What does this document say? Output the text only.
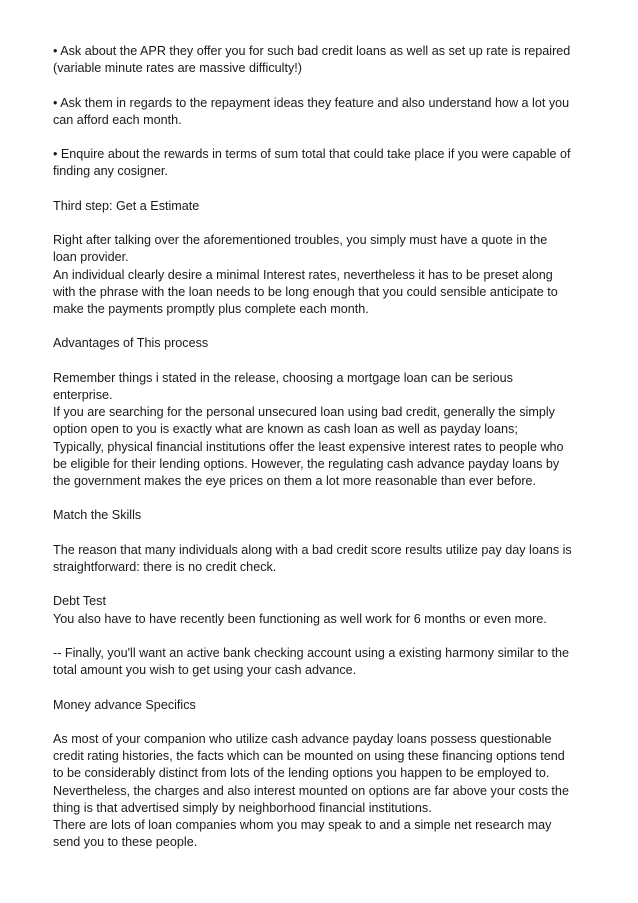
• Ask about the APR they offer you for such bad credit loans as well as set up rate is repaired
(variable minute rates are massive difficulty!)
• Ask them in regards to the repayment ideas they feature and also understand how a lot you
can afford each month.
• Enquire about the rewards in terms of sum total that could take place if you were capable of
finding any cosigner.
Third step: Get a Estimate
Right after talking over the aforementioned troubles, you simply must have a quote in the
loan provider.
An individual clearly desire a minimal Interest rates, nevertheless it has to be preset along
with the phrase with the loan needs to be long enough that you could sensible anticipate to
make the payments promptly plus complete each month.
Advantages of This process
Remember things i stated in the release, choosing a mortgage loan can be serious
enterprise.
If you are searching for the personal unsecured loan using bad credit, generally the simply
option open to you is exactly what are known as cash loan as well as payday loans;
Typically, physical financial institutions offer the least expensive interest rates to people who
be eligible for their lending options. However, the regulating cash advance payday loans by
the government makes the eye prices on them a lot more reasonable than ever before.
Match the Skills
The reason that many individuals along with a bad credit score results utilize pay day loans is
straightforward: there is no credit check.
Debt Test
You also have to have recently been functioning as well work for 6 months or even more.
-- Finally, you'll want an active bank checking account using a existing harmony similar to the
total amount you wish to get using your cash advance.
Money advance Specifics
As most of your companion who utilize cash advance payday loans possess questionable
credit rating histories, the facts which can be mounted on using these financing options tend
to be considerably distinct from lots of the lending options you happen to be employed to.
Nevertheless, the charges and also interest mounted on options are far above your costs the
thing is that advertised simply by neighborhood financial institutions.
There are lots of loan companies whom you may speak to and a simple net research may
send you to these people.
